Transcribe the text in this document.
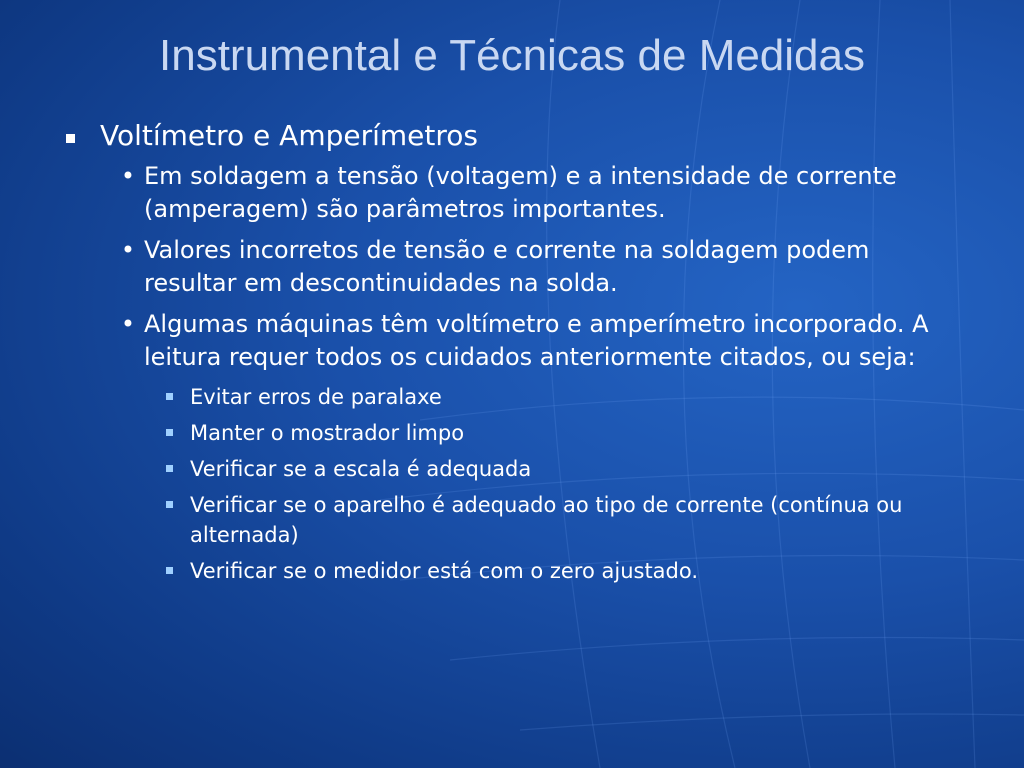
Instrumental e Técnicas de Medidas
Voltímetro e Amperímetros
• Em soldagem a tensão (voltagem) e a intensidade de corrente (amperagem) são parâmetros importantes.
• Valores incorretos de tensão e corrente na soldagem podem resultar em descontinuidades na solda.
• Algumas máquinas têm voltímetro e amperímetro incorporado. A leitura requer todos os cuidados anteriormente citados, ou seja:
Evitar erros de paralaxe
Manter o mostrador limpo
Verificar se a escala é adequada
Verificar se o aparelho é adequado ao tipo de corrente (contínua ou alternada)
Verificar se o medidor está com o zero ajustado.
